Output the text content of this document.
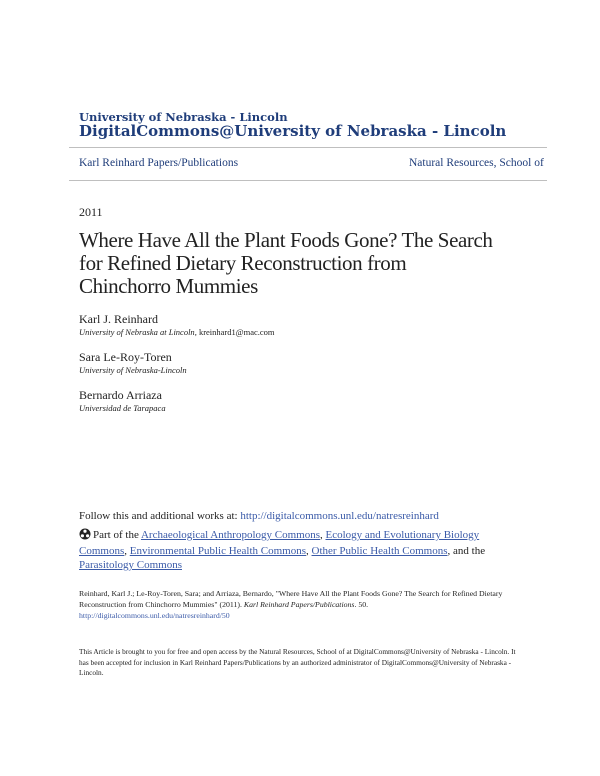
University of Nebraska - Lincoln
DigitalCommons@University of Nebraska - Lincoln
Karl Reinhard Papers/Publications	Natural Resources, School of
2011
Where Have All the Plant Foods Gone? The Search
for Refined Dietary Reconstruction from
Chinchorro Mummies
Karl J. Reinhard
University of Nebraska at Lincoln, kreinhard1@mac.com
Sara Le-Roy-Toren
University of Nebraska-Lincoln
Bernardo Arriaza
Universidad de Tarapaca
Follow this and additional works at: http://digitalcommons.unl.edu/natresreinhard
Part of the Archaeological Anthropology Commons, Ecology and Evolutionary Biology Commons, Environmental Public Health Commons, Other Public Health Commons, and the Parasitology Commons
Reinhard, Karl J.; Le-Roy-Toren, Sara; and Arriaza, Bernardo, "Where Have All the Plant Foods Gone? The Search for Refined Dietary Reconstruction from Chinchorro Mummies" (2011). Karl Reinhard Papers/Publications. 50.
http://digitalcommons.unl.edu/natresreinhard/50
This Article is brought to you for free and open access by the Natural Resources, School of at DigitalCommons@University of Nebraska - Lincoln. It has been accepted for inclusion in Karl Reinhard Papers/Publications by an authorized administrator of DigitalCommons@University of Nebraska - Lincoln.
